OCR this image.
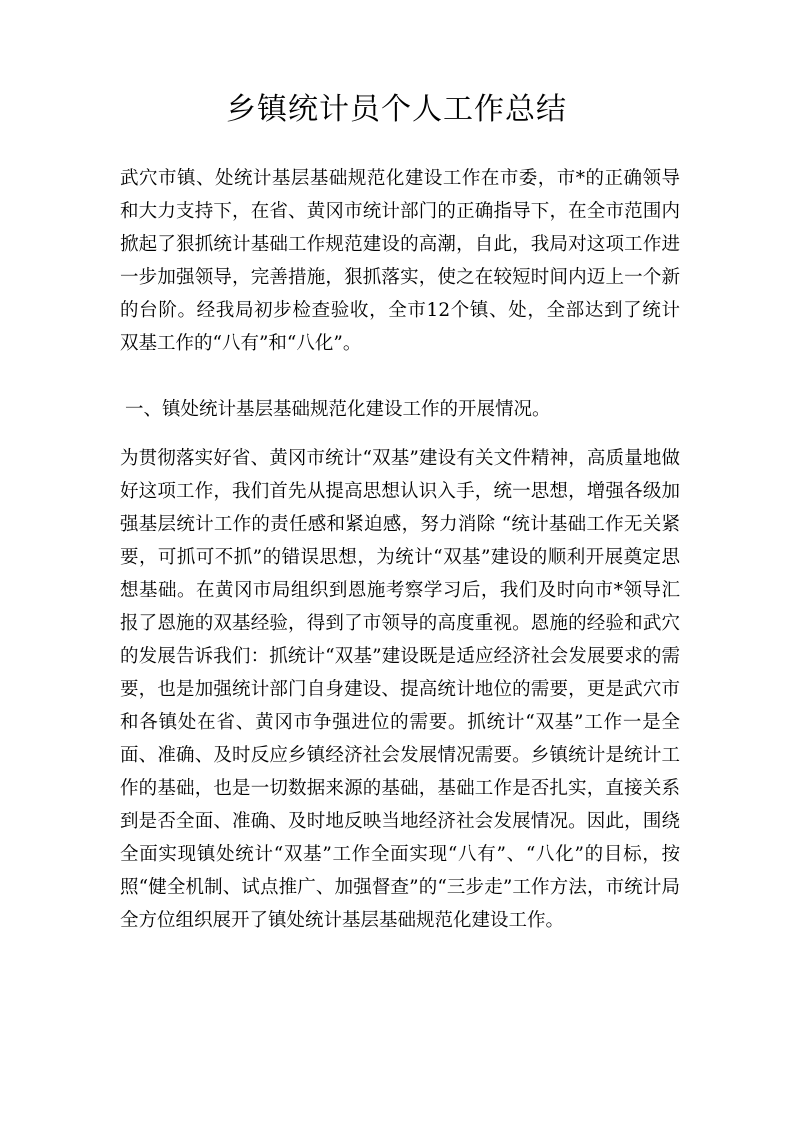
乡镇统计员个人工作总结

武穴市镇、处统计基层基础规范化建设工作在市委，市*的正确领导和大力支持下，在省、黄冈市统计部门的正确指导下，在全市范围内掀起了狠抓统计基础工作规范建设的高潮，自此，我局对这项工作进一步加强领导，完善措施，狠抓落实，使之在较短时间内迈上一个新的台阶。经我局初步检查验收，全市12个镇、处，全部达到了统计双基工作的“八有”和“八化”。

一、镇处统计基层基础规范化建设工作的开展情况。

为贯彻落实好省、黄冈市统计“双基”建设有关文件精神，高质量地做好这项工作，我们首先从提高思想认识入手，统一思想，增强各级加强基层统计工作的责任感和紧迫感，努力消除 “统计基础工作无关紧要，可抓可不抓”的错误思想，为统计“双基”建设的顺利开展奠定思想基础。在黄冈市局组织到恩施考察学习后，我们及时向市*领导汇报了恩施的双基经验，得到了市领导的高度重视。恩施的经验和武穴的发展告诉我们：抓统计“双基”建设既是适应经济社会发展要求的需要，也是加强统计部门自身建设、提高统计地位的需要，更是武穴市和各镇处在省、黄冈市争强进位的需要。抓统计“双基”工作一是全面、准确、及时反应乡镇经济社会发展情况需要。乡镇统计是统计工作的基础，也是一切数据来源的基础，基础工作是否扎实，直接关系到是否全面、准确、及时地反映当地经济社会发展情况。因此，围绕全面实现镇处统计“双基”工作全面实现“八有”、“八化”的目标，按照“健全机制、试点推广、加强督查”的“三步走”工作方法，市统计局全方位组织展开了镇处统计基层基础规范化建设工作。
